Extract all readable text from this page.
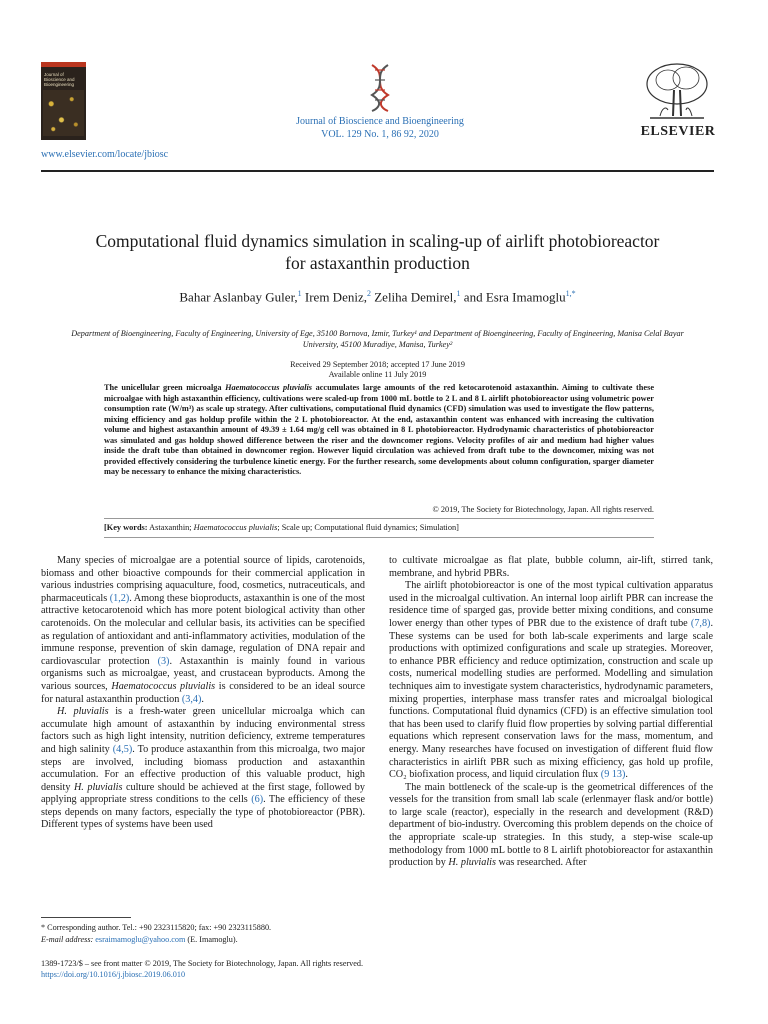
Journal of Bioscience and Bioengineering
Journal of Bioscience and Bioengineering
VOL. 129 No. 1, 86 92, 2020	ELSEVIER
www.elsevier.com/locate/jbiosc
Computational fluid dynamics simulation in scaling-up of airlift photobioreactor
for astaxanthin production
Bahar Aslanbay Guler,$^1$ Irem Deniz,$^2$ Zeliha Demirel,$^1$ and Esra Imamoglu$^{1,*}$
Department of Bioengineering, Faculty of Engineering, University of Ege, 35100 Bornova, Izmir, Turkey¹ and Department of Bioengineering, Faculty of Engineering, Manisa Celal Bayar
University, 45100 Muradiye, Manisa, Turkey²
Received 29 September 2018; accepted 17 June 2019
Available online 11 July 2019
The unicellular green microalga Haematococcus pluvialis accumulates large amounts of the red ketocarotenoid astaxanthin. Aiming to cultivate these microalgae with high astaxanthin efficiency, cultivations were scaled-up from 1000 mL bottle to 2 L and 8 L airlift photobioreactor using volumetric power consumption rate (W/m³) as scale up strategy. After cultivations, computational fluid dynamics (CFD) simulation was used to investigate the flow patterns, mixing efficiency and gas holdup profile within the 2 L photobioreactor. At the end, astaxanthin content was enhanced with increasing the cultivation volume and highest astaxanthin amount of 49.39 ± 1.64 mg/g cell was obtained in 8 L photobioreactor. Hydrodynamic characteristics of photobioreactor was simulated and gas holdup showed difference between the riser and the downcomer regions. Velocity profiles of air and medium had higher values inside the draft tube than obtained in downcomer region. However liquid circulation was achieved from draft tube to the downcomer, mixing was not provided effectively considering the turbulence kinetic energy. For the further research, some developments about column configuration, sparger diameter may be necessary to enhance the mixing characteristics.
© 2019, The Society for Biotechnology, Japan. All rights reserved.
[Key words: Astaxanthin; Haematococcus pluvialis; Scale up; Computational fluid dynamics; Simulation]

Many species of microalgae are a potential source of lipids, carotenoids, biomass and other bioactive compounds for their commercial application in various industries comprising aquaculture, food, cosmetics, nutraceuticals, and pharmaceuticals (1,2). Among these bioproducts, astaxanthin is one of the most attractive ketocarotenoid which has more potent biological activity than other carotenoids. On the molecular and cellular basis, its activities can be specified as regulation of antioxidant and anti-inflammatory activities, modulation of the immune response, prevention of skin damage, regulation of DNA repair and cardiovascular protection (3). Astaxanthin is mainly found in various organisms such as microalgae, yeast, and crustacean byproducts. Among the various sources, Haematococcus pluvialis is considered to be an ideal source for natural astaxanthin production (3,4).

H. pluvialis is a fresh-water green unicellular microalga which can accumulate high amount of astaxanthin by inducing environmental stress factors such as high light intensity, nutrition deficiency, extreme temperatures and high salinity (4,5). To produce astaxanthin from this microalga, two major steps are involved, including biomass production and astaxanthin accumulation. For an effective production of this valuable product, high density H. pluvialis culture should be achieved at the first stage, followed by applying appropriate stress conditions to the cells (6). The efficiency of these steps depends on many factors, especially the type of photobioreactor (PBR). Different types of systems have been used

to cultivate microalgae as flat plate, bubble column, air-lift, stirred tank, membrane, and hybrid PBRs.

The airlift photobioreactor is one of the most typical cultivation apparatus used in the microalgal cultivation. An internal loop airlift PBR can increase the residence time of sparged gas, provide better mixing conditions, and consume lower energy than other types of PBR due to the existence of draft tube (7,8). These systems can be used for both lab-scale experiments and large scale productions with optimized configurations and scale up strategies. Moreover, to enhance PBR efficiency and reduce optimization, construction and scale up costs, numerical modelling studies are performed. Modelling and simulation techniques aim to investigate system characteristics, hydrodynamic parameters, mixing properties, interphase mass transfer rates and microalgal biological functions. Computational fluid dynamics (CFD) is an effective simulation tool that has been used to clarify fluid flow properties by solving partial differential equations which represent conservation laws for the mass, momentum, and energy. Many researches have focused on investigation of different fluid flow characteristics in airlift PBR such as mixing efficiency, gas hold up profile, CO₂ biofixation process, and liquid circulation flux (9 13).

The main bottleneck of the scale-up is the geometrical differences of the vessels for the transition from small lab scale (erlenmayer flask and/or bottle) to large scale (reactor), especially in the research and development (R&D) department of bio-industry. Overcoming this problem depends on the choice of the appropriate scale-up strategies. In this study, a step-wise scale-up methodology from 1000 mL bottle to 8 L airlift photobioreactor for astaxanthin production by H. pluvialis was researched. After

* Corresponding author. Tel.: +90 2323115820; fax: +90 2323115880.
E-mail address: esraimamoglu@yahoo.com (E. Imamoglu).
1389-1723/$ – see front matter © 2019, The Society for Biotechnology, Japan. All rights reserved.
https://doi.org/10.1016/j.jbiosc.2019.06.010
